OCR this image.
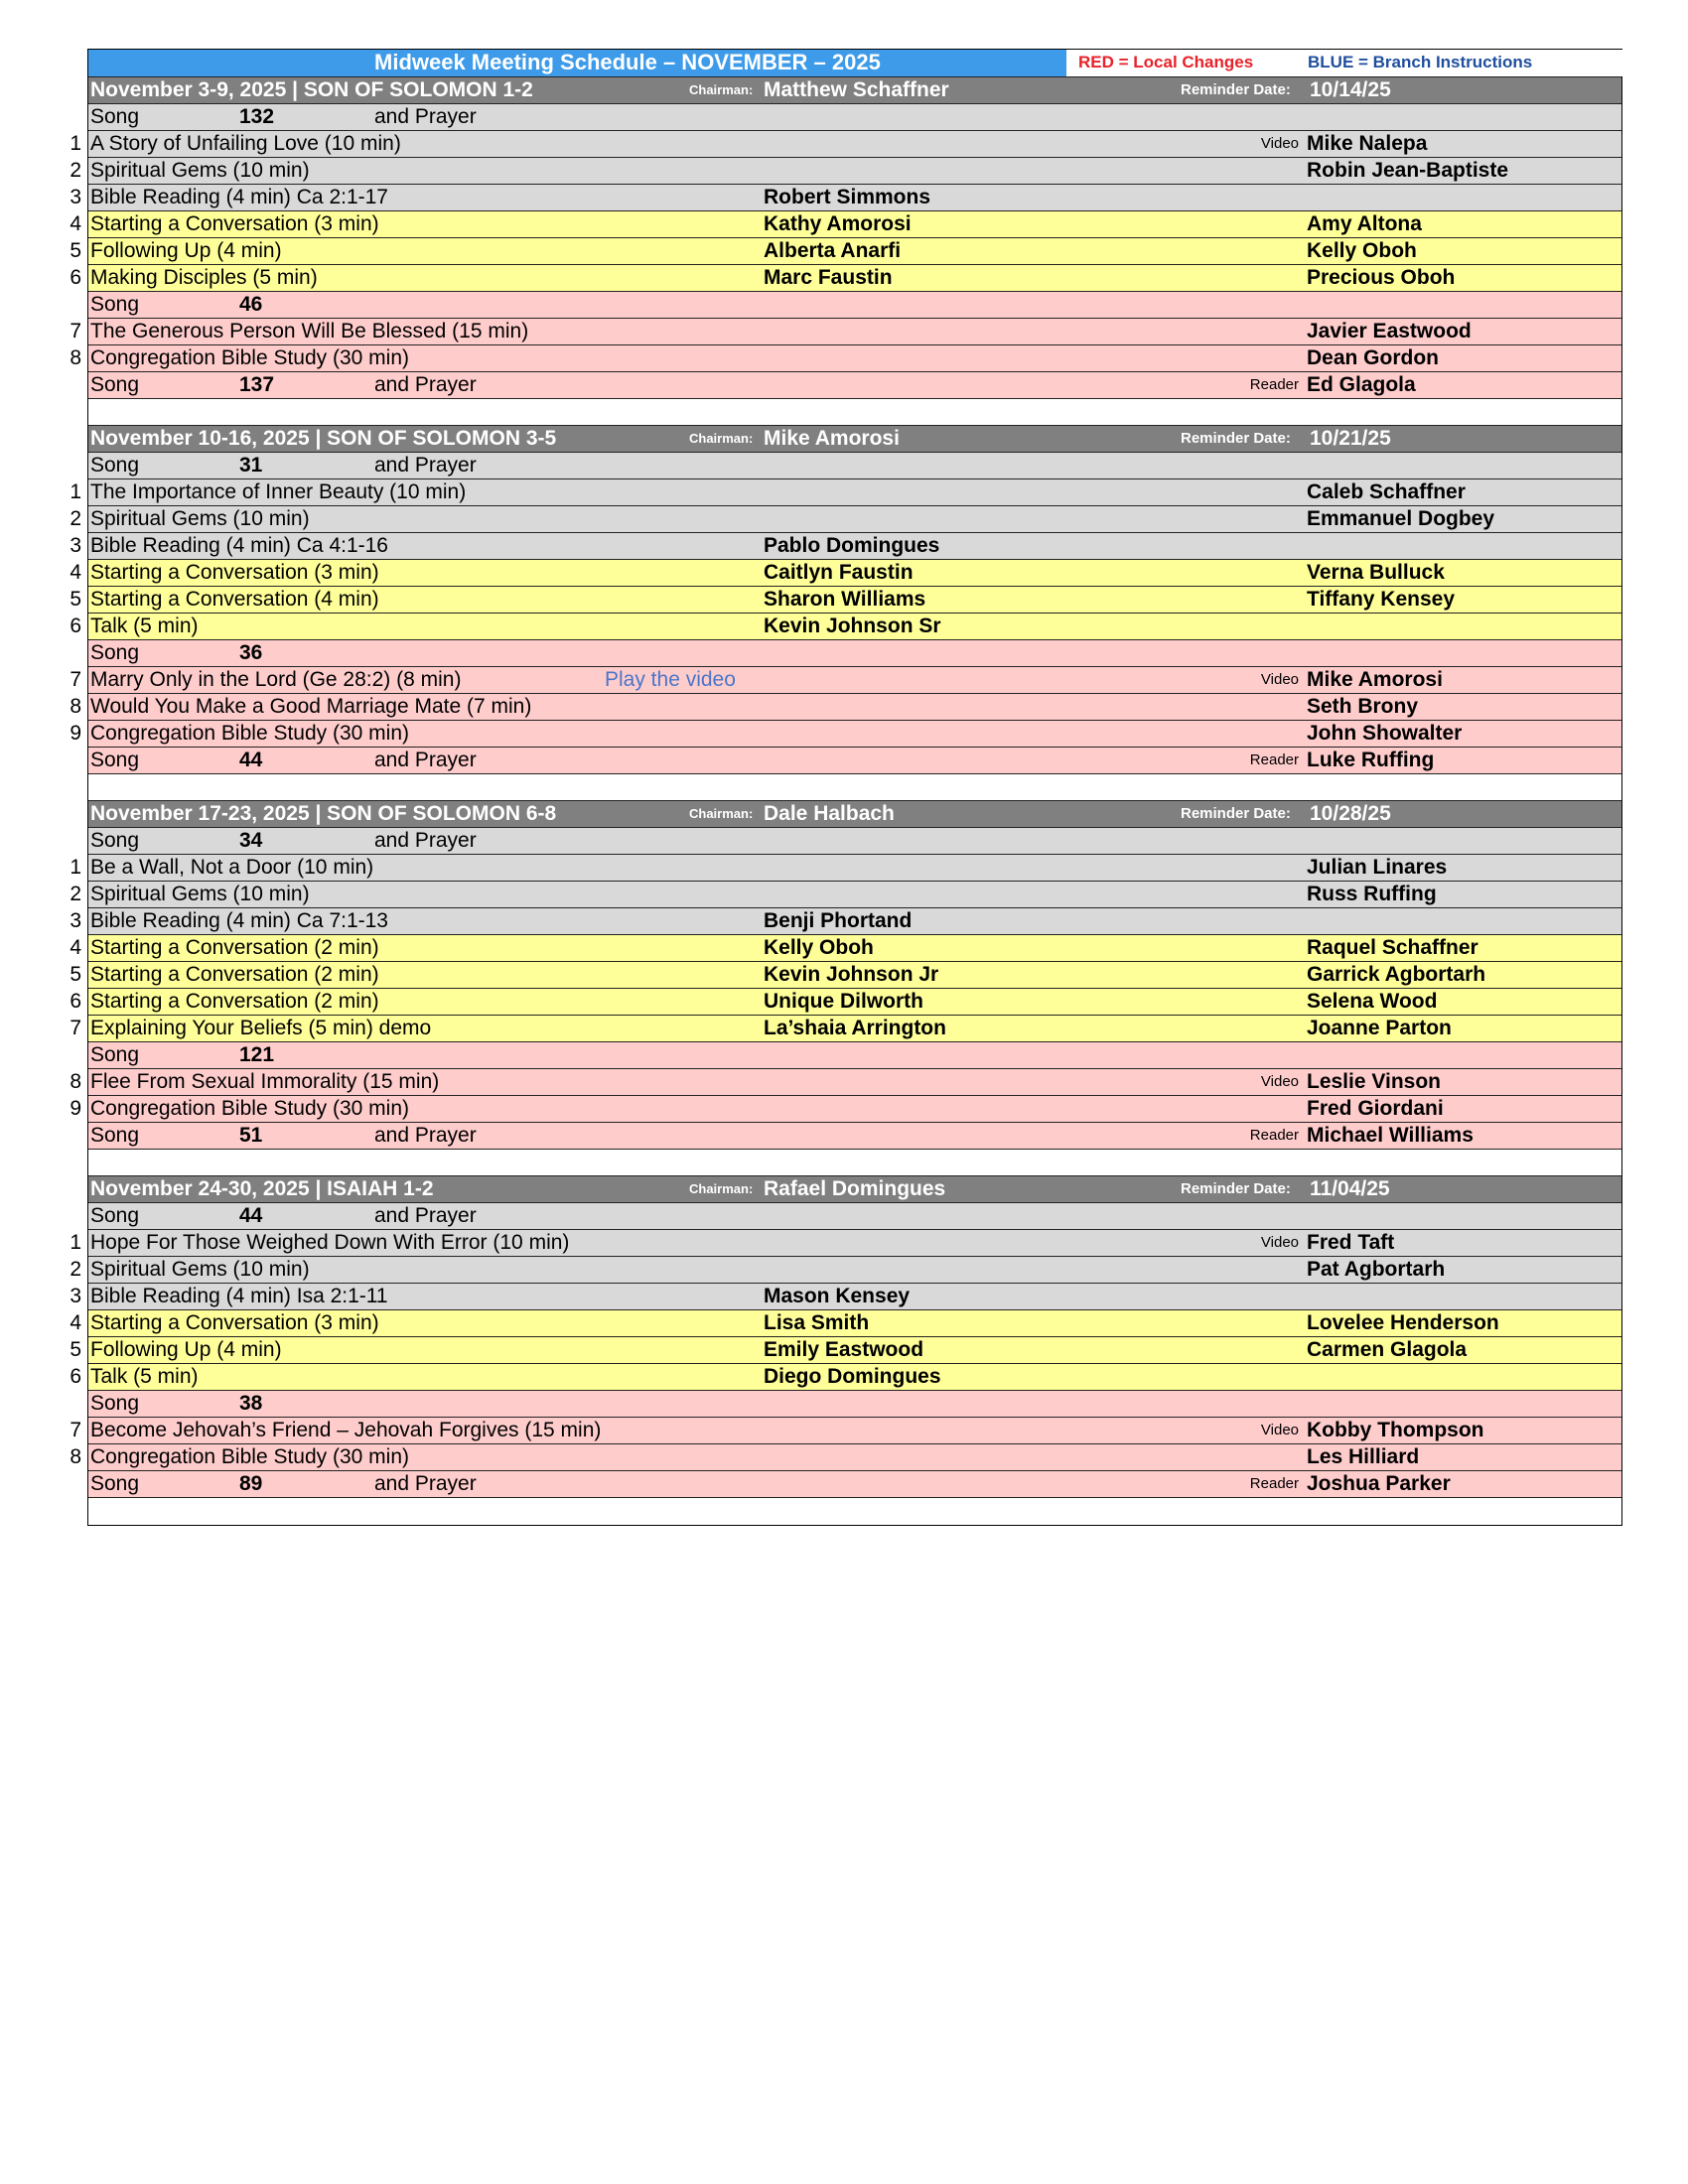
Midweek Meeting Schedule – NOVEMBER – 2025	RED = Local Changes	BLUE = Branch Instructions
November 3-9, 2025 | SON OF SOLOMON 1-2	Chairman: Matthew Schaffner	Reminder Date: 10/14/25
Song	132	and Prayer
1 A Story of Unfailing Love (10 min)	Video Mike Nalepa
2 Spiritual Gems (10 min)	Robin Jean-Baptiste
3 Bible Reading (4 min) Ca 2:1-17	Robert Simmons
4 Starting a Conversation (3 min)	Kathy Amorosi	Amy Altona
5 Following Up (4 min)	Alberta Anarfi	Kelly Oboh
6 Making Disciples (5 min)	Marc Faustin	Precious Oboh
Song	46
7 The Generous Person Will Be Blessed (15 min)	Javier Eastwood
8 Congregation Bible Study (30 min)	Dean Gordon
Song	137	and Prayer	Reader Ed Glagola
November 10-16, 2025 | SON OF SOLOMON 3-5	Chairman: Mike Amorosi	Reminder Date: 10/21/25
Song	31	and Prayer
1 The Importance of Inner Beauty (10 min)	Caleb Schaffner
2 Spiritual Gems (10 min)	Emmanuel Dogbey
3 Bible Reading (4 min) Ca 4:1-16	Pablo Domingues
4 Starting a Conversation (3 min)	Caitlyn Faustin	Verna Bulluck
5 Starting a Conversation (4 min)	Sharon Williams	Tiffany Kensey
6 Talk (5 min)	Kevin Johnson Sr
Song	36
7 Marry Only in the Lord (Ge 28:2) (8 min)	Play the video	Video Mike Amorosi
8 Would You Make a Good Marriage Mate (7 min)	Seth Brony
9 Congregation Bible Study (30 min)	John Showalter
Song	44	and Prayer	Reader Luke Ruffing
November 17-23, 2025 | SON OF SOLOMON 6-8	Chairman: Dale Halbach	Reminder Date: 10/28/25
Song	34	and Prayer
1 Be a Wall, Not a Door (10 min)	Julian Linares
2 Spiritual Gems (10 min)	Russ Ruffing
3 Bible Reading (4 min) Ca 7:1-13	Benji Phortand
4 Starting a Conversation (2 min)	Kelly Oboh	Raquel Schaffner
5 Starting a Conversation (2 min)	Kevin Johnson Jr	Garrick Agbortarh
6 Starting a Conversation (2 min)	Unique Dilworth	Selena Wood
7 Explaining Your Beliefs (5 min) demo	La’shaia Arrington	Joanne Parton
Song	121
8 Flee From Sexual Immorality (15 min)	Video Leslie Vinson
9 Congregation Bible Study (30 min)	Fred Giordani
Song	51	and Prayer	Reader Michael Williams
November 24-30, 2025 | ISAIAH 1-2	Chairman: Rafael Domingues	Reminder Date: 11/04/25
Song	44	and Prayer
1 Hope For Those Weighed Down With Error (10 min)	Video Fred Taft
2 Spiritual Gems (10 min)	Pat Agbortarh
3 Bible Reading (4 min) Isa 2:1-11	Mason Kensey
4 Starting a Conversation (3 min)	Lisa Smith	Lovelee Henderson
5 Following Up (4 min)	Emily Eastwood	Carmen Glagola
6 Talk (5 min)	Diego Domingues
Song	38
7 Become Jehovah’s Friend – Jehovah Forgives (15 min)	Video Kobby Thompson
8 Congregation Bible Study (30 min)	Les Hilliard
Song	89	and Prayer	Reader Joshua Parker
